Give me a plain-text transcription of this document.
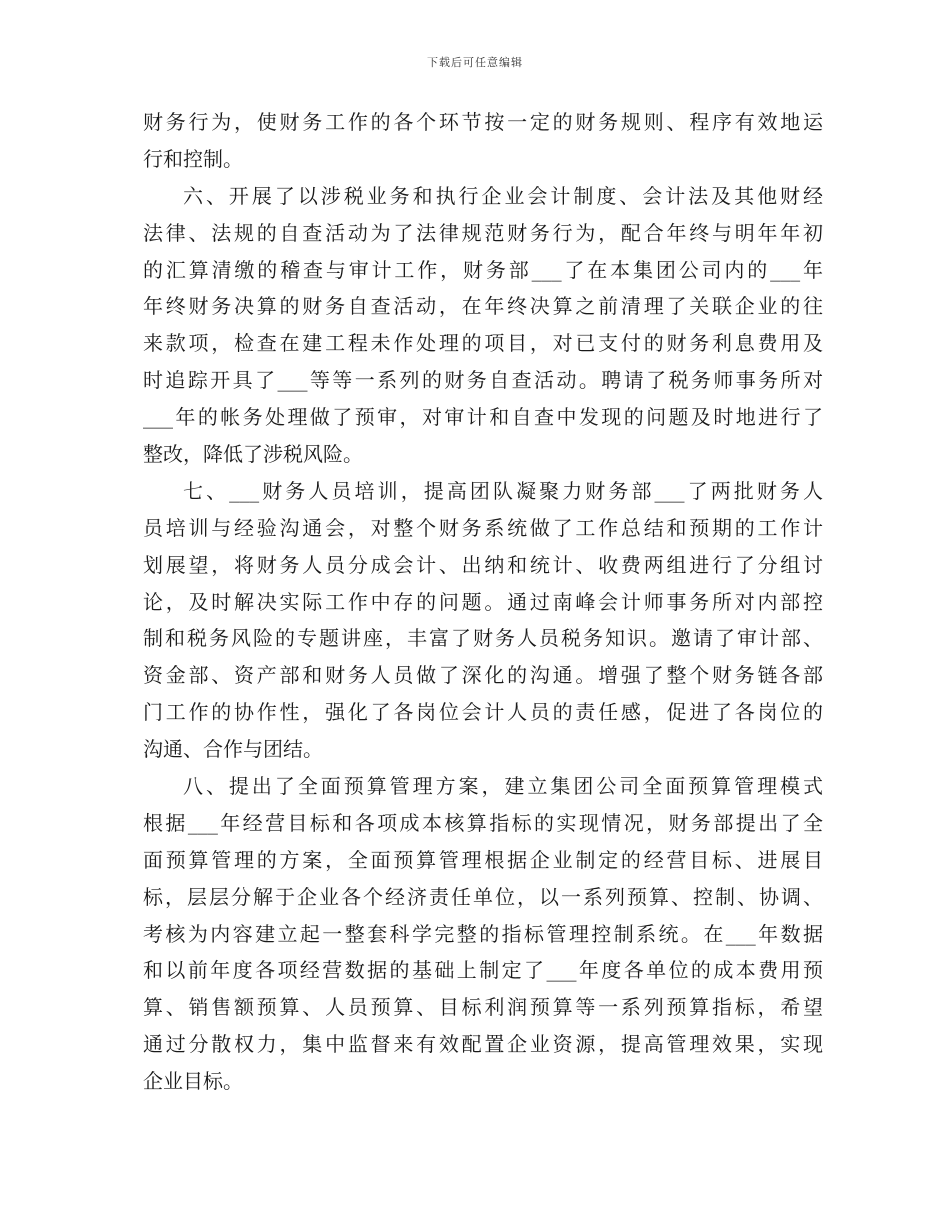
下载后可任意编辑
财务行为，使财务工作的各个环节按一定的财务规则、程序有效地运
行和控制。
六、开展了以涉税业务和执行企业会计制度、会计法及其他财经
法律、法规的自查活动为了法律规范财务行为，配合年终与明年年初
的汇算清缴的稽查与审计工作，财务部___了在本集团公司内的___年
年终财务决算的财务自查活动，在年终决算之前清理了关联企业的往
来款项，检查在建工程未作处理的项目，对已支付的财务利息费用及
时追踪开具了___等等一系列的财务自查活动。聘请了税务师事务所对
___年的帐务处理做了预审，对审计和自查中发现的问题及时地进行了
整改，降低了涉税风险。
七、___财务人员培训，提高团队凝聚力财务部___了两批财务人
员培训与经验沟通会，对整个财务系统做了工作总结和预期的工作计
划展望，将财务人员分成会计、出纳和统计、收费两组进行了分组讨
论，及时解决实际工作中存的问题。通过南峰会计师事务所对内部控
制和税务风险的专题讲座，丰富了财务人员税务知识。邀请了审计部、
资金部、资产部和财务人员做了深化的沟通。增强了整个财务链各部
门工作的协作性，强化了各岗位会计人员的责任感，促进了各岗位的
沟通、合作与团结。
八、提出了全面预算管理方案，建立集团公司全面预算管理模式
根据___年经营目标和各项成本核算指标的实现情况，财务部提出了全
面预算管理的方案，全面预算管理根据企业制定的经营目标、进展目
标，层层分解于企业各个经济责任单位，以一系列预算、控制、协调、
考核为内容建立起一整套科学完整的指标管理控制系统。在___年数据
和以前年度各项经营数据的基础上制定了___年度各单位的成本费用预
算、销售额预算、人员预算、目标利润预算等一系列预算指标，希望
通过分散权力，集中监督来有效配置企业资源，提高管理效果，实现
企业目标。
